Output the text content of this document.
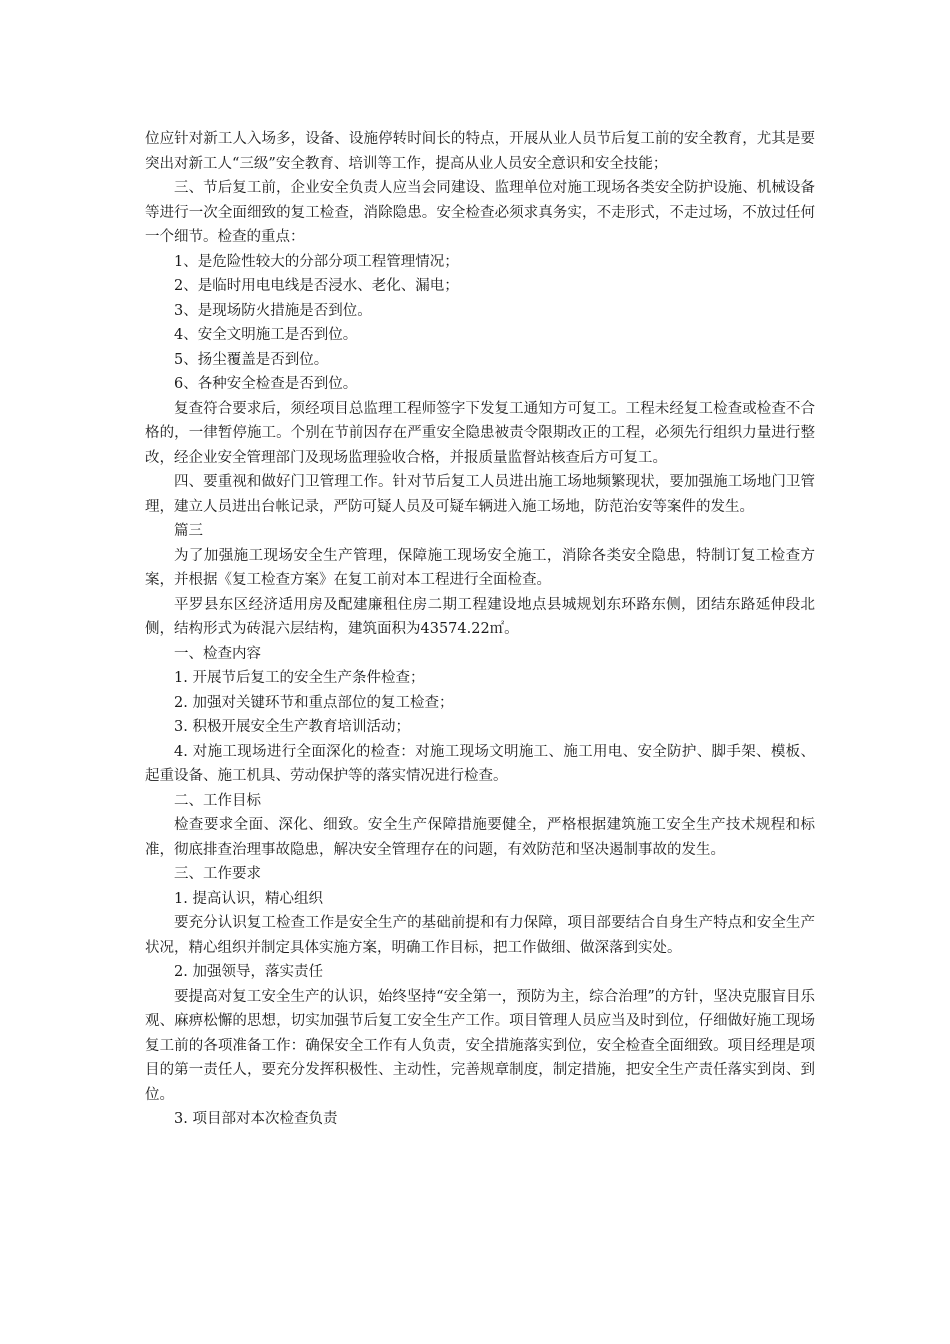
位应针对新工人入场多，设备、设施停转时间长的特点，开展从业人员节后复工前的安全教育，尤其是要突出对新工人“三级”安全教育、培训等工作，提高从业人员安全意识和安全技能；

三、节后复工前，企业安全负责人应当会同建设、监理单位对施工现场各类安全防护设施、机械设备等进行一次全面细致的复工检查，消除隐患。安全检查必须求真务实，不走形式，不走过场，不放过任何一个细节。检查的重点：

1、是危险性较大的分部分项工程管理情况；

2、是临时用电电线是否浸水、老化、漏电；

3、是现场防火措施是否到位。

4、安全文明施工是否到位。

5、扬尘覆盖是否到位。

6、各种安全检查是否到位。

复查符合要求后，须经项目总监理工程师签字下发复工通知方可复工。工程未经复工检查或检查不合格的，一律暂停施工。个别在节前因存在严重安全隐患被责令限期改正的工程，必须先行组织力量进行整改，经企业安全管理部门及现场监理验收合格，并报质量监督站核查后方可复工。

四、要重视和做好门卫管理工作。针对节后复工人员进出施工场地频繁现状，要加强施工场地门卫管理，建立人员进出台帐记录，严防可疑人员及可疑车辆进入施工场地，防范治安等案件的发生。

篇三

为了加强施工现场安全生产管理，保障施工现场安全施工，消除各类安全隐患，特制订复工检查方案，并根据《复工检查方案》在复工前对本工程进行全面检查。

平罗县东区经济适用房及配建廉租住房二期工程建设地点县城规划东环路东侧，团结东路延伸段北侧，结构形式为砖混六层结构，建筑面积为43574.22㎡。

一、检查内容

1. 开展节后复工的安全生产条件检查；

2. 加强对关键环节和重点部位的复工检查；

3. 积极开展安全生产教育培训活动；

4. 对施工现场进行全面深化的检查：对施工现场文明施工、施工用电、安全防护、脚手架、模板、起重设备、施工机具、劳动保护等的落实情况进行检查。

二、工作目标

检查要求全面、深化、细致。安全生产保障措施要健全，严格根据建筑施工安全生产技术规程和标准，彻底排查治理事故隐患，解决安全管理存在的问题，有效防范和坚决遏制事故的发生。

三、工作要求

1. 提高认识，精心组织

要充分认识复工检查工作是安全生产的基础前提和有力保障，项目部要结合自身生产特点和安全生产状况，精心组织并制定具体实施方案，明确工作目标，把工作做细、做深落到实处。

2. 加强领导，落实责任

要提高对复工安全生产的认识，始终坚持“安全第一，预防为主，综合治理”的方针，坚决克服盲目乐观、麻痹松懈的思想，切实加强节后复工安全生产工作。项目管理人员应当及时到位，仔细做好施工现场复工前的各项准备工作：确保安全工作有人负责，安全措施落实到位，安全检查全面细致。项目经理是项目的第一责任人，要充分发挥积极性、主动性，完善规章制度，制定措施，把安全生产责任落实到岗、到位。

3. 项目部对本次检查负责
